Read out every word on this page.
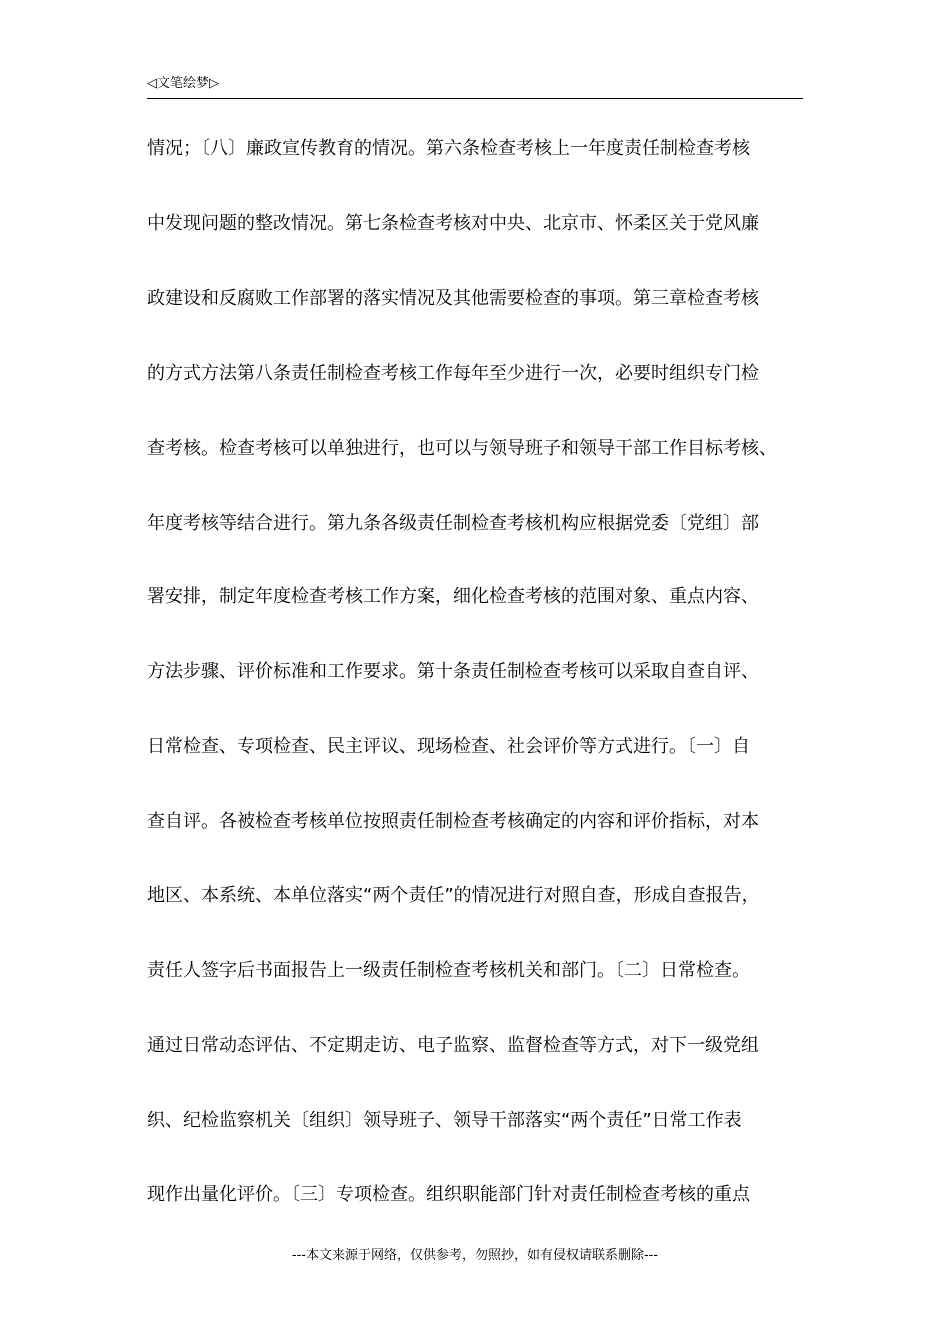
◁文笔绘梦▷
情况；〔八〕廉政宣传教育的情况。第六条检查考核上一年度责任制检查考核
中发现问题的整改情况。第七条检查考核对中央、北京市、怀柔区关于党风廉
政建设和反腐败工作部署的落实情况及其他需要检查的事项。第三章检查考核
的方式方法第八条责任制检查考核工作每年至少进行一次，必要时组织专门检
查考核。检查考核可以单独进行，也可以与领导班子和领导干部工作目标考核、
年度考核等结合进行。第九条各级责任制检查考核机构应根据党委〔党组〕部
署安排，制定年度检查考核工作方案，细化检查考核的范围对象、重点内容、
方法步骤、评价标准和工作要求。第十条责任制检查考核可以采取自查自评、
日常检查、专项检查、民主评议、现场检查、社会评价等方式进行。〔一〕自
查自评。各被检查考核单位按照责任制检查考核确定的内容和评价指标，对本
地区、本系统、本单位落实“两个责任”的情况进行对照自查，形成自查报告，
责任人签字后书面报告上一级责任制检查考核机关和部门。〔二〕日常检查。
通过日常动态评估、不定期走访、电子监察、监督检查等方式，对下一级党组
织、纪检监察机关〔组织〕领导班子、领导干部落实“两个责任”日常工作表
现作出量化评价。〔三〕专项检查。组织职能部门针对责任制检查考核的重点
---本文来源于网络，仅供参考，勿照抄，如有侵权请联系删除---
